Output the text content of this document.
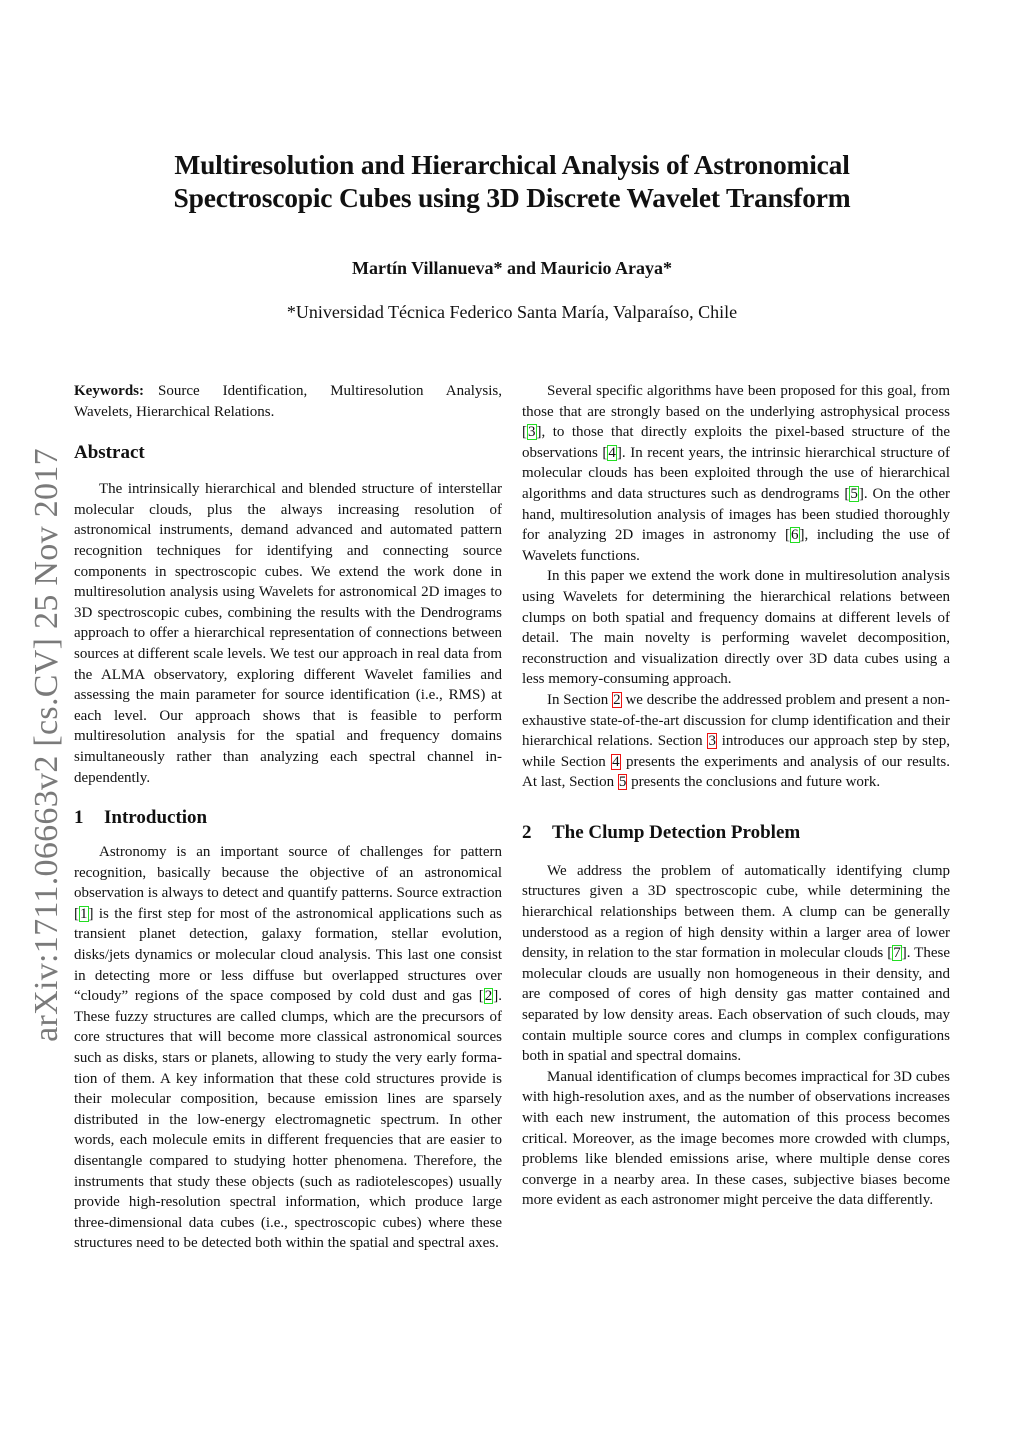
Multiresolution and Hierarchical Analysis of Astronomical
Spectroscopic Cubes using 3D Discrete Wavelet Transform
Martín Villanueva* and Mauricio Araya*
*Universidad Técnica Federico Santa María, Valparaíso, Chile
arXiv:1711.06663v2 [cs.CV] 25 Nov 2017

Keywords: Source Identification, Multiresolution Analysis, Wavelets, Hierarchical Relations.

Abstract

The intrinsically hierarchical and blended structure of interstellar molecular clouds, plus the always increasing resolution of astronomical instruments, demand advanced and automated pattern recognition techniques for identifying and connecting source components in spectroscopic cubes. We extend the work done in multiresolution analysis using Wavelets for astronomical 2D images to 3D spectroscopic cubes, combining the results with the Dendrograms approach to offer a hierarchical representation of connections between sources at different scale levels. We test our approach in real data from the ALMA observatory, exploring different Wavelet families and assessing the main parameter for source identification (i.e., RMS) at each level. Our approach shows that is feasible to perform multiresolution analysis for the spatial and frequency domains simultaneously rather than analyzing each spectral channel independently.

1 Introduction

Astronomy is an important source of challenges for pattern recognition, basically because the objective of an astronomical observation is always to detect and quantify patterns. Source extraction [1] is the first step for most of the astronomical applications such as transient planet detection, galaxy formation, stellar evolution, disks/jets dynamics or molecular cloud analysis. This last one consist in detecting more or less diffuse but overlapped structures over “cloudy” regions of the space composed by cold dust and gas [2]. These fuzzy structures are called clumps, which are the precursors of core structures that will become more classical astronomical sources such as disks, stars or planets, allowing to study the very early formation of them. A key information that these cold structures provide is their molecular composition, because emission lines are sparsely distributed in the low-energy electromagnetic spectrum. In other words, each molecule emits in different frequencies that are easier to disentangle compared to studying hotter phenomena. Therefore, the instruments that study these objects (such as radiotelescopes) usually provide high-resolution spectral information, which produce large three-dimensional data cubes (i.e., spectroscopic cubes) where these structures need to be detected both within the spatial and spectral axes.

Several specific algorithms have been proposed for this goal, from those that are strongly based on the underlying astrophysical process [3], to those that directly exploits the pixel-based structure of the observations [4]. In recent years, the intrinsic hierarchical structure of molecular clouds has been exploited through the use of hierarchical algorithms and data structures such as dendrograms [5]. On the other hand, multiresolution analysis of images has been studied thoroughly for analyzing 2D images in astronomy [6], including the use of Wavelets functions.

In this paper we extend the work done in multiresolution analysis using Wavelets for determining the hierarchical relations between clumps on both spatial and frequency domains at different levels of detail. The main novelty is performing wavelet decomposition, reconstruction and visualization directly over 3D data cubes using a less memory-consuming approach.

In Section 2 we describe the addressed problem and present a non-exhaustive state-of-the-art discussion for clump identification and their hierarchical relations. Section 3 introduces our approach step by step, while Section 4 presents the experiments and analysis of our results. At last, Section 5 presents the conclusions and future work.

2 The Clump Detection Problem

We address the problem of automatically identifying clump structures given a 3D spectroscopic cube, while determining the hierarchical relationships between them. A clump can be generally understood as a region of high density within a larger area of lower density, in relation to the star formation in molecular clouds [7]. These molecular clouds are usually non homogeneous in their density, and are composed of cores of high density gas matter contained and separated by low density areas. Each observation of such clouds, may contain multiple source cores and clumps in complex configurations both in spatial and spectral domains.

Manual identification of clumps becomes impractical for 3D cubes with high-resolution axes, and as the number of observations increases with each new instrument, the automation of this process becomes critical. Moreover, as the image becomes more crowded with clumps, problems like blended emissions arise, where multiple dense cores converge in a nearby area. In these cases, subjective biases become more evident as each astronomer might perceive the data differently.
